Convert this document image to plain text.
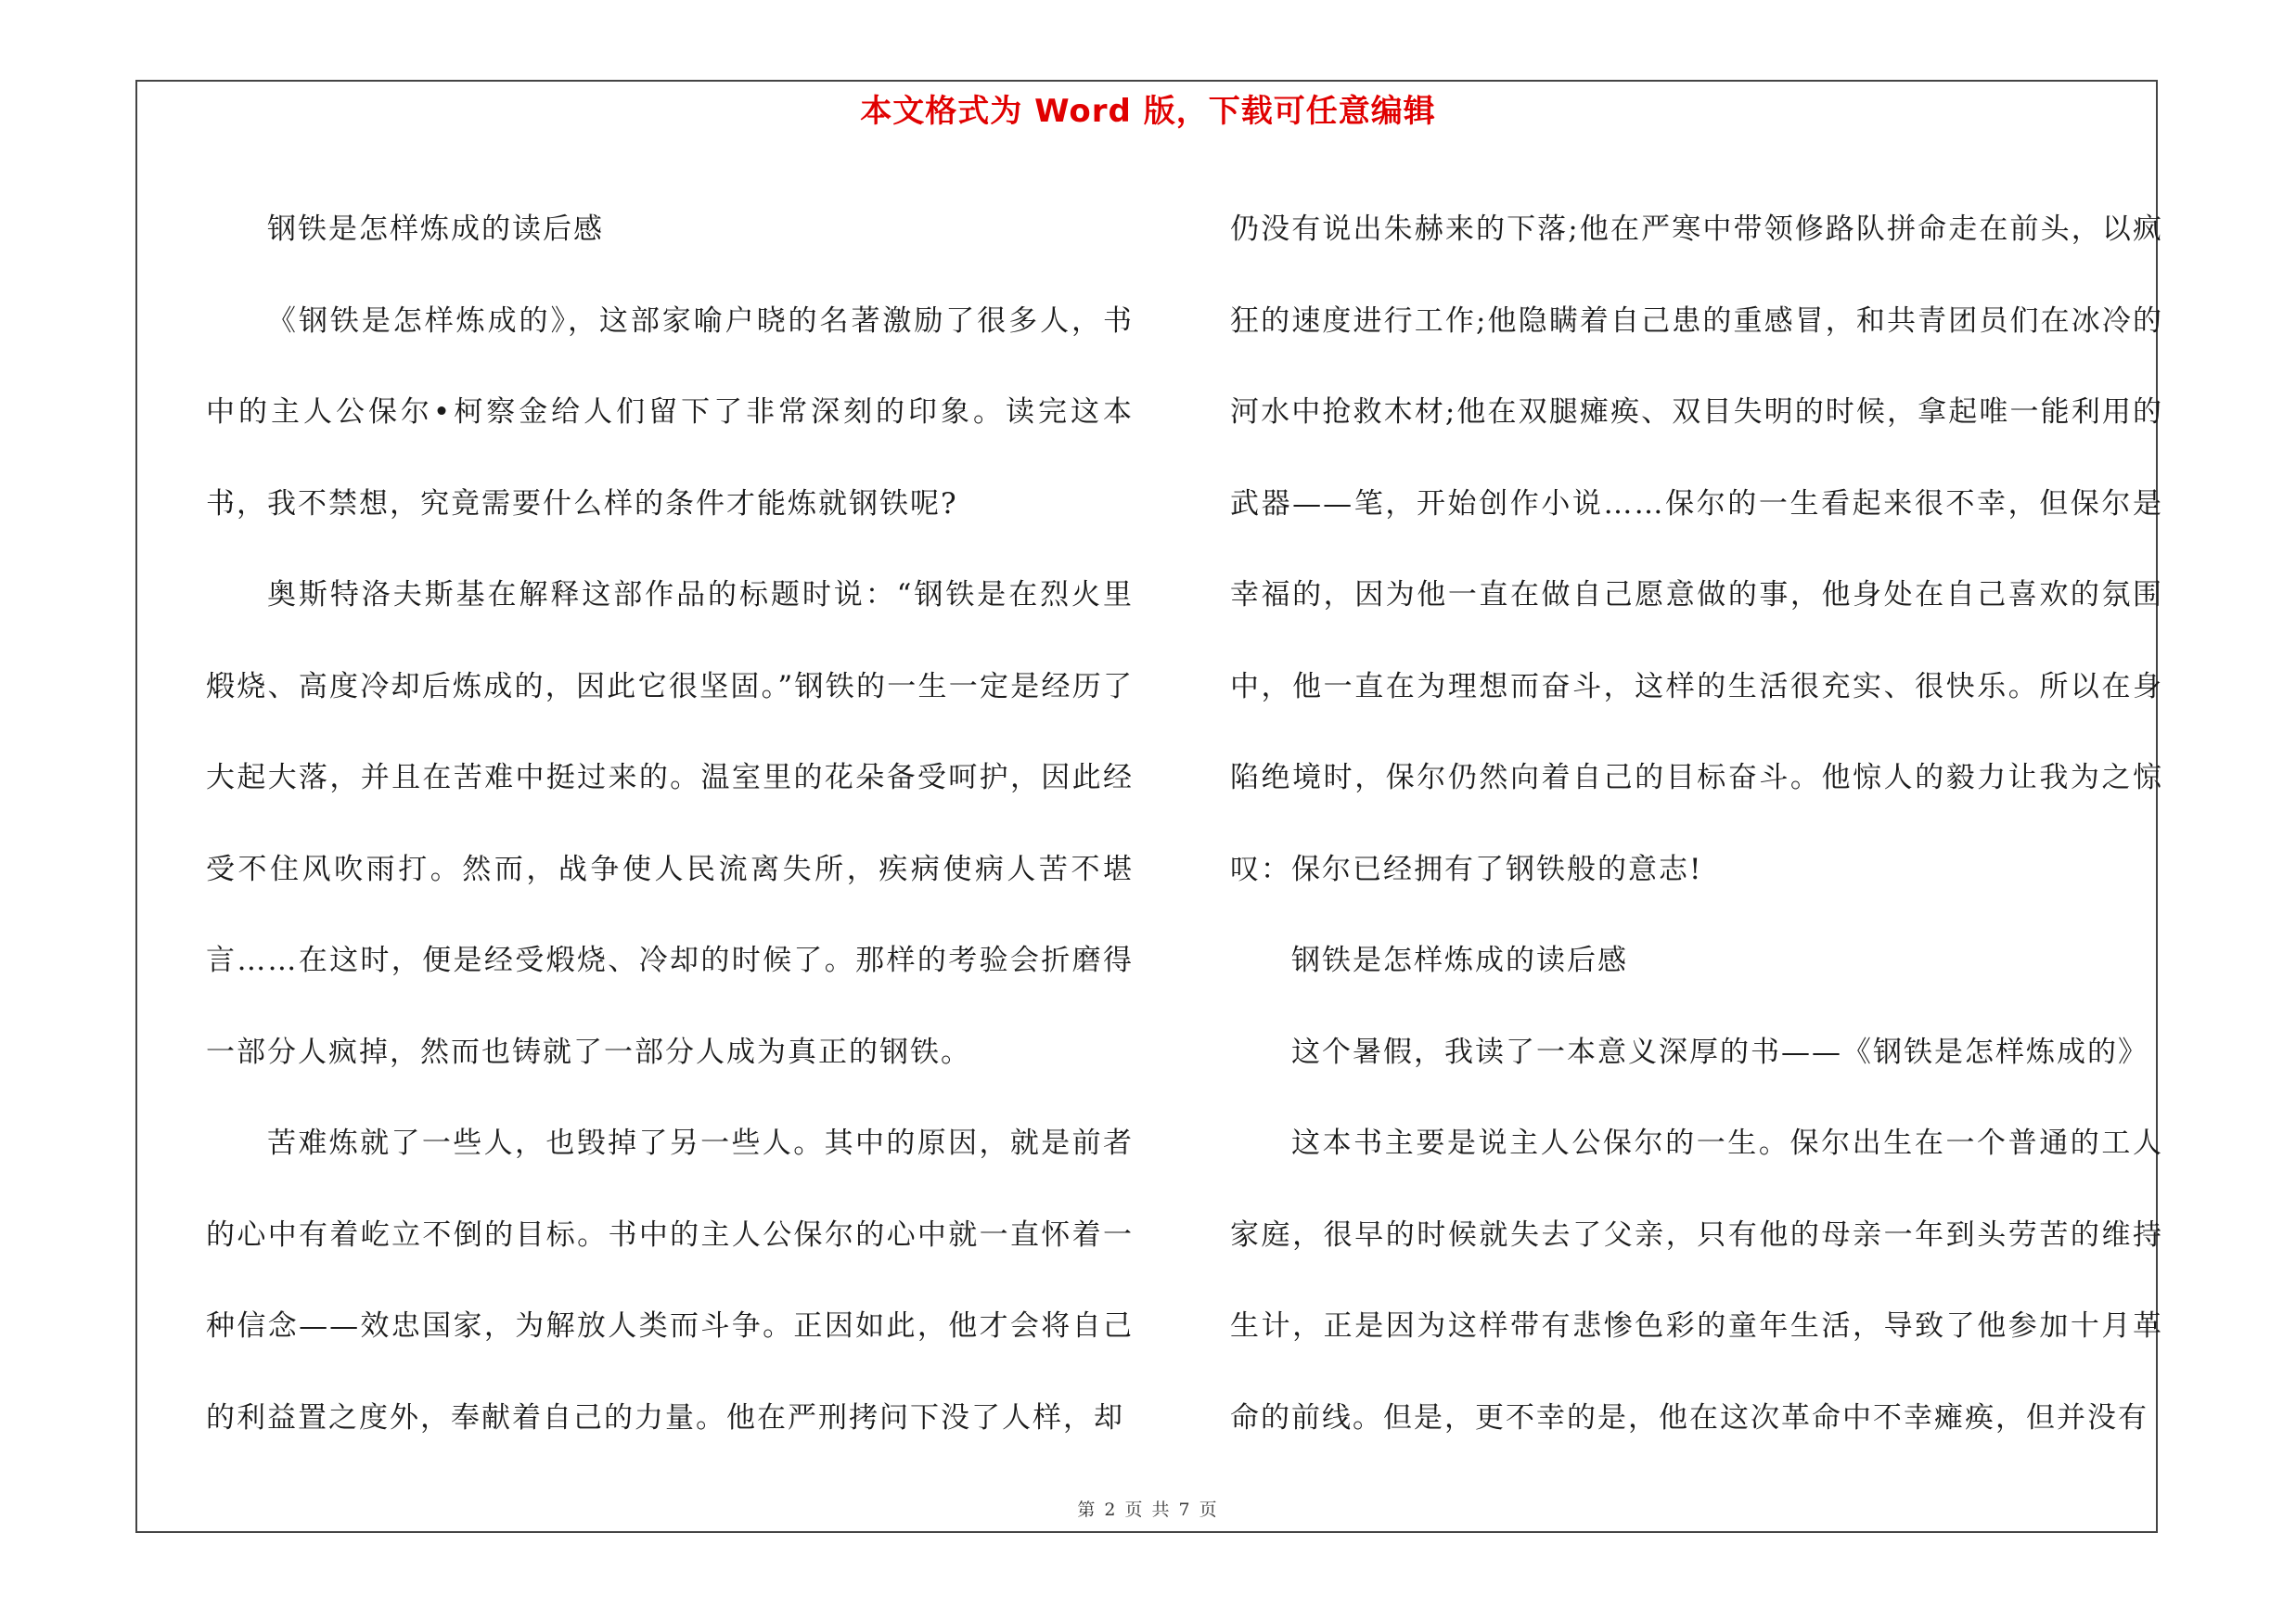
本文格式为 Word 版，下载可任意编辑

钢铁是怎样炼成的读后感

《钢铁是怎样炼成的》，这部家喻户晓的名著激励了很多人，书中的主人公保尔•柯察金给人们留下了非常深刻的印象。读完这本书，我不禁想，究竟需要什么样的条件才能炼就钢铁呢?

奥斯特洛夫斯基在解释这部作品的标题时说：“钢铁是在烈火里煅烧、高度冷却后炼成的，因此它很坚固。”钢铁的一生一定是经历了大起大落，并且在苦难中挺过来的。温室里的花朵备受呵护，因此经受不住风吹雨打。然而，战争使人民流离失所，疾病使病人苦不堪言……在这时，便是经受煅烧、冷却的时候了。那样的考验会折磨得一部分人疯掉，然而也铸就了一部分人成为真正的钢铁。

苦难炼就了一些人，也毁掉了另一些人。其中的原因，就是前者的心中有着屹立不倒的目标。书中的主人公保尔的心中就一直怀着一种信念——效忠国家，为解放人类而斗争。正因如此，他才会将自己的利益置之度外，奉献着自己的力量。他在严刑拷问下没了人样，却

仍没有说出朱赫来的下落;他在严寒中带领修路队拼命走在前头，以疯狂的速度进行工作;他隐瞒着自己患的重感冒，和共青团员们在冰冷的河水中抢救木材;他在双腿瘫痪、双目失明的时候，拿起唯一能利用的武器——笔，开始创作小说……保尔的一生看起来很不幸，但保尔是幸福的，因为他一直在做自己愿意做的事，他身处在自己喜欢的氛围中，他一直在为理想而奋斗，这样的生活很充实、很快乐。所以在身陷绝境时，保尔仍然向着自己的目标奋斗。他惊人的毅力让我为之惊叹：保尔已经拥有了钢铁般的意志!

钢铁是怎样炼成的读后感

这个暑假，我读了一本意义深厚的书——《钢铁是怎样炼成的》

这本书主要是说主人公保尔的一生。保尔出生在一个普通的工人家庭，很早的时候就失去了父亲，只有他的母亲一年到头劳苦的维持生计，正是因为这样带有悲惨色彩的童年生活，导致了他参加十月革命的前线。但是，更不幸的是，他在这次革命中不幸瘫痪，但并没有

第 2 页 共 7 页
